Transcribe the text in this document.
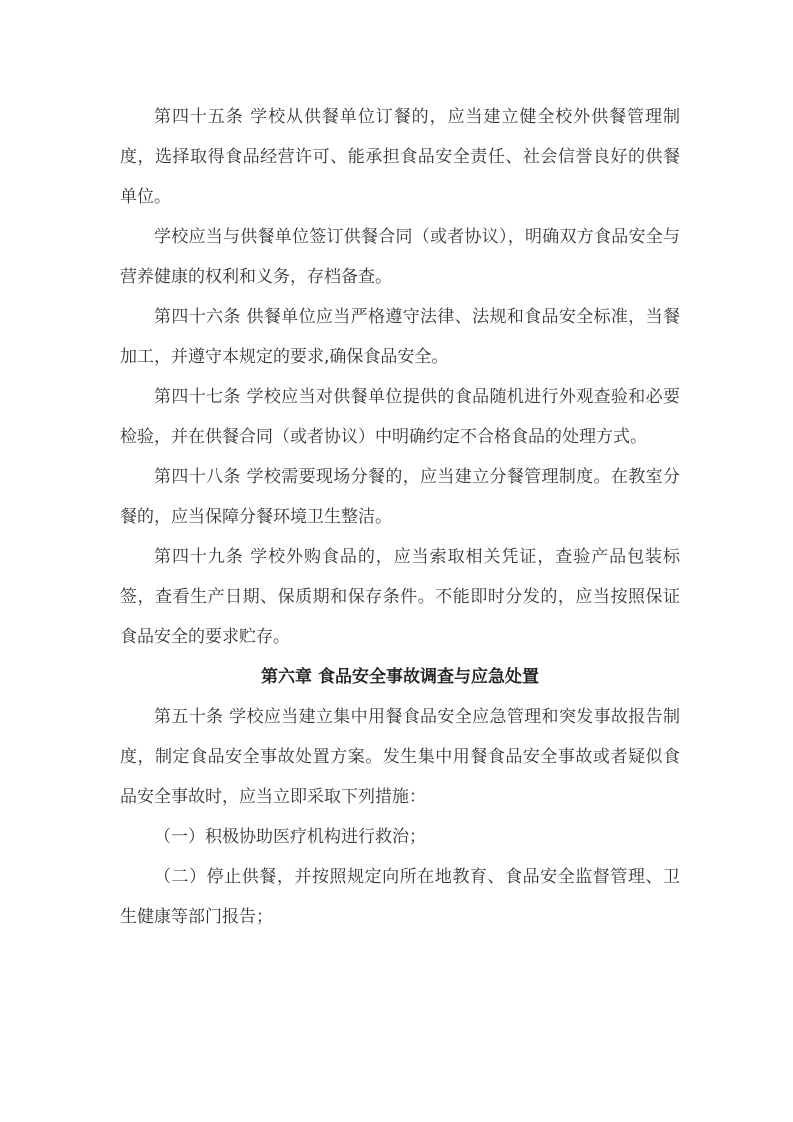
第四十五条 学校从供餐单位订餐的，应当建立健全校外供餐管理制度，选择取得食品经营许可、能承担食品安全责任、社会信誉良好的供餐单位。

学校应当与供餐单位签订供餐合同（或者协议），明确双方食品安全与营养健康的权利和义务，存档备查。

第四十六条 供餐单位应当严格遵守法律、法规和食品安全标准，当餐加工，并遵守本规定的要求,确保食品安全。

第四十七条 学校应当对供餐单位提供的食品随机进行外观查验和必要检验，并在供餐合同（或者协议）中明确约定不合格食品的处理方式。

第四十八条 学校需要现场分餐的，应当建立分餐管理制度。在教室分餐的，应当保障分餐环境卫生整洁。

第四十九条 学校外购食品的，应当索取相关凭证，查验产品包装标签，查看生产日期、保质期和保存条件。不能即时分发的，应当按照保证食品安全的要求贮存。

第六章 食品安全事故调查与应急处置

第五十条 学校应当建立集中用餐食品安全应急管理和突发事故报告制度，制定食品安全事故处置方案。发生集中用餐食品安全事故或者疑似食品安全事故时，应当立即采取下列措施：

（一）积极协助医疗机构进行救治；

（二）停止供餐，并按照规定向所在地教育、食品安全监督管理、卫生健康等部门报告；
